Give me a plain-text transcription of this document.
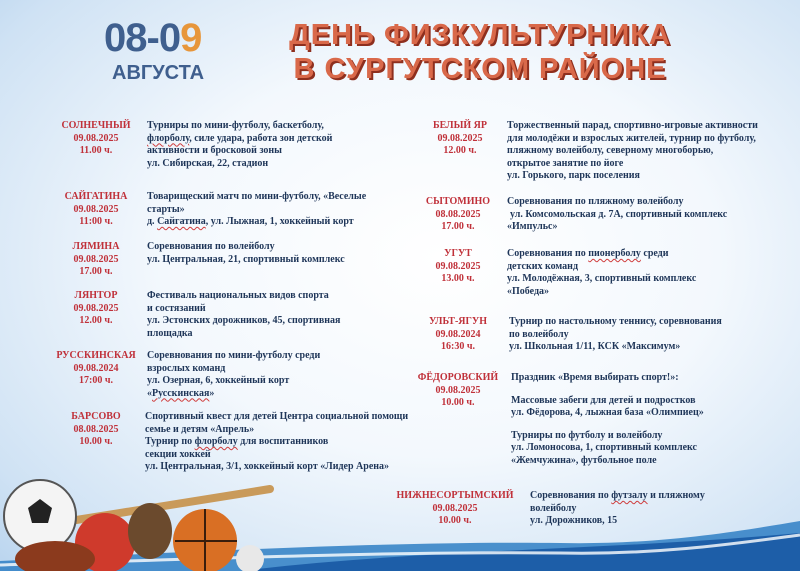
08-09
АВГУСТА
ДЕНЬ ФИЗКУЛЬТУРНИКА
В СУРГУТСКОМ РАЙОНЕ
СОЛНЕЧНЫЙ
09.08.2025
11.00 ч.
Турниры по мини-футболу, баскетболу,
флорболу, силе удара, работа зон детской
активности и бросковой зоны
ул. Сибирская, 22, стадион
САЙГАТИНА
09.08.2025
11:00 ч.
Товарищеский матч по мини-футболу, «Веселые
старты»
д. Сайгатина, ул. Лыжная, 1, хоккейный корт
ЛЯМИНА
09.08.2025
17.00 ч.
Соревнования по волейболу
ул. Центральная, 21, спортивный комплекс
ЛЯНТОР
09.08.2025
12.00 ч.
Фестиваль национальных видов спорта
и состязаний
ул. Эстонских дорожников, 45, спортивная
площадка
РУССКИНСКАЯ
09.08.2024
17:00 ч.
Соревнования по мини-футболу среди
взрослых команд
ул. Озерная, 6, хоккейный корт
«Русскинская»
БАРСОВО
08.08.2025
10.00 ч.
Спортивный квест для детей Центра социальной помощи
семье и детям «Апрель»
Турнир по флорболу для воспитанников
секции хоккей
ул. Центральная, 3/1, хоккейный корт «Лидер Арена»
БЕЛЫЙ ЯР
09.08.2025
12.00 ч.
Торжественный парад, спортивно-игровые активности
для молодёжи и взрослых жителей, турнир по футболу,
пляжному волейболу, северному многоборью,
открытое занятие по йоге
ул. Горького, парк поселения
СЫТОМИНО
08.08.2025
17.00 ч.
Соревнования по пляжному волейболу
ул. Комсомольская д. 7А, спортивный комплекс
«Импульс»
УГУТ
09.08.2025
13.00 ч.
Соревнования по пионерболу среди
детских команд
ул. Молодёжная, 3, спортивный комплекс
«Победа»
УЛЬТ-ЯГУН
09.08.2024
16:30 ч.
Турнир по настольному теннису, соревнования
по волейболу
ул. Школьная 1/11, КСК «Максимум»
ФЁДОРОВСКИЙ
09.08.2025
10.00 ч.
Праздник «Время выбирать спорт!»:
Массовые забеги для детей и подростков
ул. Фёдорова, 4, лыжная база «Олимпиец»
Турниры по футболу и волейболу
ул. Ломоносова, 1, спортивный комплекс
«Жемчужина», футбольное поле
НИЖНЕСОРТЫМСКИЙ
09.08.2025
10.00 ч.
Соревнования по футзалу и пляжному
волейболу
ул. Дорожников, 15
